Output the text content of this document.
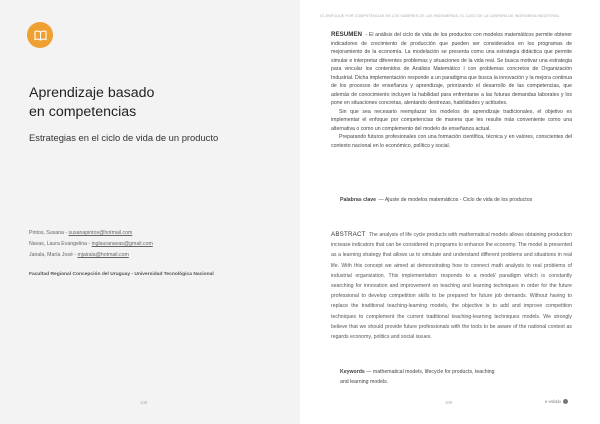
Aprendizaje basado
en competencias
Estrategias en el ciclo de vida de un producto
Pintos, Susana - susanapintos@hotmail.com
Navas, Laura Evangelina - inglauranavas@gmail.com
Jairala, María José - mjairala@hotmail.com
Facultad Regional Concepción del Uruguay - Universidad Tecnológica Nacional
108
EL ENFOQUE POR COMPETENCIAS EN LOS SABERES DE LAS INGENIERÍAS, EL CASO DE LA CARRERA DE INGENIERÍA INDUSTRIAL

RESUMEN - El análisis del ciclo de vida de los productos con modelos matemáticos permite obtener indicadores de crecimiento de producción que pueden ser considerados en los programas de mejoramiento de la economía. La modelación se presenta como una estrategia didáctica que permite simular e interpretar diferentes problemas y situaciones de la vida real. Se busca motivar una estrategia para vincular los contenidos de Análisis Matemático I con problemas concretos de Organización Industrial. Dicha implementación responde a un paradigma que busca la innovación y la mejora continua de los procesos de enseñanza y aprendizaje, priorizando el desarrollo de las competencias, que además de conocimiento incluyen la habilidad para enfrentarse a las futuras demandas laborales y los pone en situaciones concretas, alentando destrezas, habilidades y actitudes.

Sin que sea necesario reemplazar los modelos de aprendizaje tradicionales, el objetivo es implementar el enfoque por competencias de manera que les resulte más conveniente como una alternativa o como un complemento del modelo de enseñanza actual.

Preparando futuros profesionales con una formación científica, técnica y en valores, conscientes del contexto nacional en lo económico, político y social.

Palabras clave — Ajuste de modelos matemáticos - Ciclo de vida de los productos
ABSTRACT The analysis of life cycle products with mathematical models allows obtaining production increase indicators that can be considered in programs to enhance the economy. The model is presented as a learning strategy that allows us to simulate and understand different problems and situations in real life. With this concept we aimed at demonstrating how to connect math analysis to real problems of industrial organization. This implementation responds to a model/ paradigm which is constantly searching for innovation and improvement on teaching and learning techniques in order for the future professional to develop competition skills to be prepared for future job demands. Without having to replace the traditional teaching-learning models, the objective is to add and improve competition techniques to complement the current traditional teaching-learning techniques models. We strongly believe that we should provide future professionals with the tools to be aware of the national context as regards economy, politics and social issues.
Keywords — mathematical models, lifecycle for products, teaching and learning models.
109	e-volutio
